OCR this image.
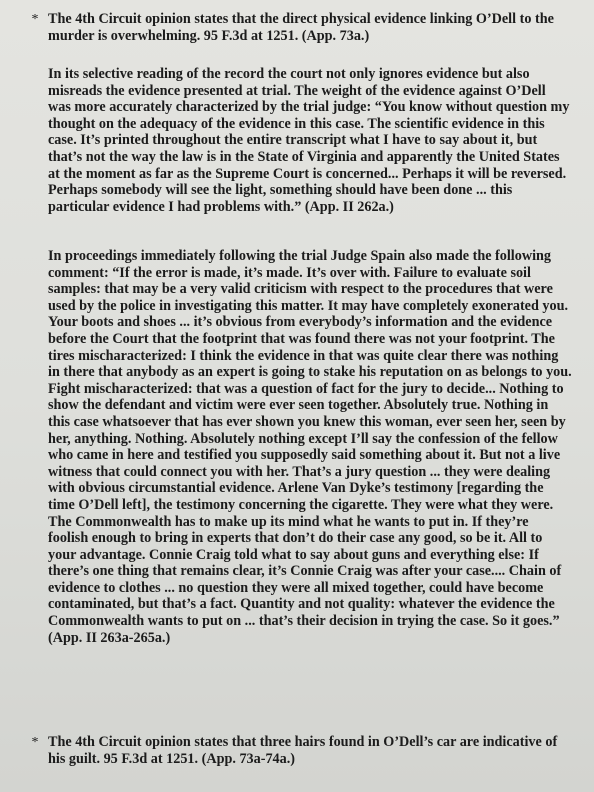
* The 4th Circuit opinion states that the direct physical evidence linking O’Dell to the murder is overwhelming. 95 F.3d at 1251. (App. 73a.)
In its selective reading of the record the court not only ignores evidence but also misreads the evidence presented at trial. The weight of the evidence against O’Dell was more accurately characterized by the trial judge: “You know without question my thought on the adequacy of the evidence in this case. The scientific evidence in this case. It’s printed throughout the entire transcript what I have to say about it, but that’s not the way the law is in the State of Virginia and apparently the United States at the moment as far as the Supreme Court is concerned... Perhaps it will be reversed. Perhaps somebody will see the light, something should have been done ... this particular evidence I had problems with.” (App. II 262a.)
In proceedings immediately following the trial Judge Spain also made the following comment: “If the error is made, it’s made. It’s over with. Failure to evaluate soil samples: that may be a very valid criticism with respect to the procedures that were used by the police in investigating this matter. It may have completely exonerated you. Your boots and shoes ... it’s obvious from everybody’s information and the evidence before the Court that the footprint that was found there was not your footprint. The tires mischaracterized: I think the evidence in that was quite clear there was nothing in there that anybody as an expert is going to stake his reputation on as belongs to you. Fight mischaracterized: that was a question of fact for the jury to decide... Nothing to show the defendant and victim were ever seen together. Absolutely true. Nothing in this case whatsoever that has ever shown you knew this woman, ever seen her, seen by her, anything. Nothing. Absolutely nothing except I’ll say the confession of the fellow who came in here and testified you supposedly said something about it. But not a live witness that could connect you with her. That’s a jury question ... they were dealing with obvious circumstantial evidence. Arlene Van Dyke’s testimony [regarding the time O’Dell left], the testimony concerning the cigarette. They were what they were. The Commonwealth has to make up its mind what he wants to put in. If they’re foolish enough to bring in experts that don’t do their case any good, so be it. All to your advantage. Connie Craig told what to say about guns and everything else: If there’s one thing that remains clear, it’s Connie Craig was after your case.... Chain of evidence to clothes ... no question they were all mixed together, could have become contaminated, but that’s a fact. Quantity and not quality: whatever the evidence the Commonwealth wants to put on ... that’s their decision in trying the case. So it goes.” (App. II 263a-265a.)
* The 4th Circuit opinion states that three hairs found in O’Dell’s car are indicative of his guilt. 95 F.3d at 1251. (App. 73a-74a.)
